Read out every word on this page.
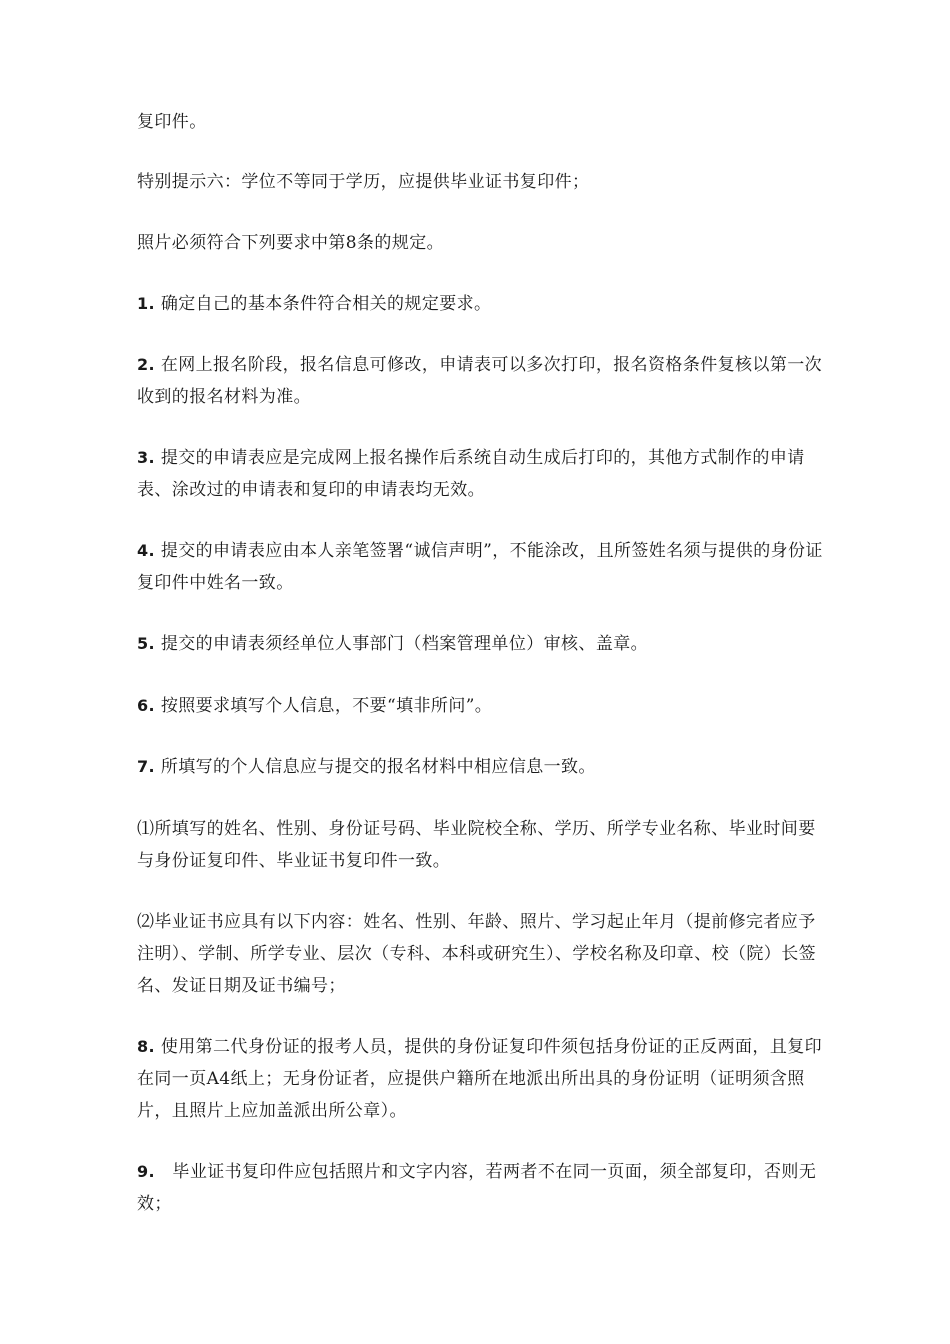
复印件。

特别提示六：学位不等同于学历，应提供毕业证书复印件；

照片必须符合下列要求中第8条的规定。

1. 确定自己的基本条件符合相关的规定要求。

2. 在网上报名阶段，报名信息可修改，申请表可以多次打印，报名资格条件复核以第一次收到的报名材料为准。

3. 提交的申请表应是完成网上报名操作后系统自动生成后打印的，其他方式制作的申请表、涂改过的申请表和复印的申请表均无效。

4. 提交的申请表应由本人亲笔签署“诚信声明”，不能涂改，且所签姓名须与提供的身份证复印件中姓名一致。

5. 提交的申请表须经单位人事部门（档案管理单位）审核、盖章。

6. 按照要求填写个人信息，不要“填非所问”。

7. 所填写的个人信息应与提交的报名材料中相应信息一致。

⑴所填写的姓名、性别、身份证号码、毕业院校全称、学历、所学专业名称、毕业时间要与身份证复印件、毕业证书复印件一致。

⑵毕业证书应具有以下内容：姓名、性别、年龄、照片、学习起止年月（提前修完者应予注明）、学制、所学专业、层次（专科、本科或研究生）、学校名称及印章、校（院）长签名、发证日期及证书编号；

8. 使用第二代身份证的报考人员，提供的身份证复印件须包括身份证的正反两面，且复印在同一页A4纸上；无身份证者，应提供户籍所在地派出所出具的身份证明（证明须含照片，且照片上应加盖派出所公章）。

9.   毕业证书复印件应包括照片和文字内容，若两者不在同一页面，须全部复印，否则无效；
